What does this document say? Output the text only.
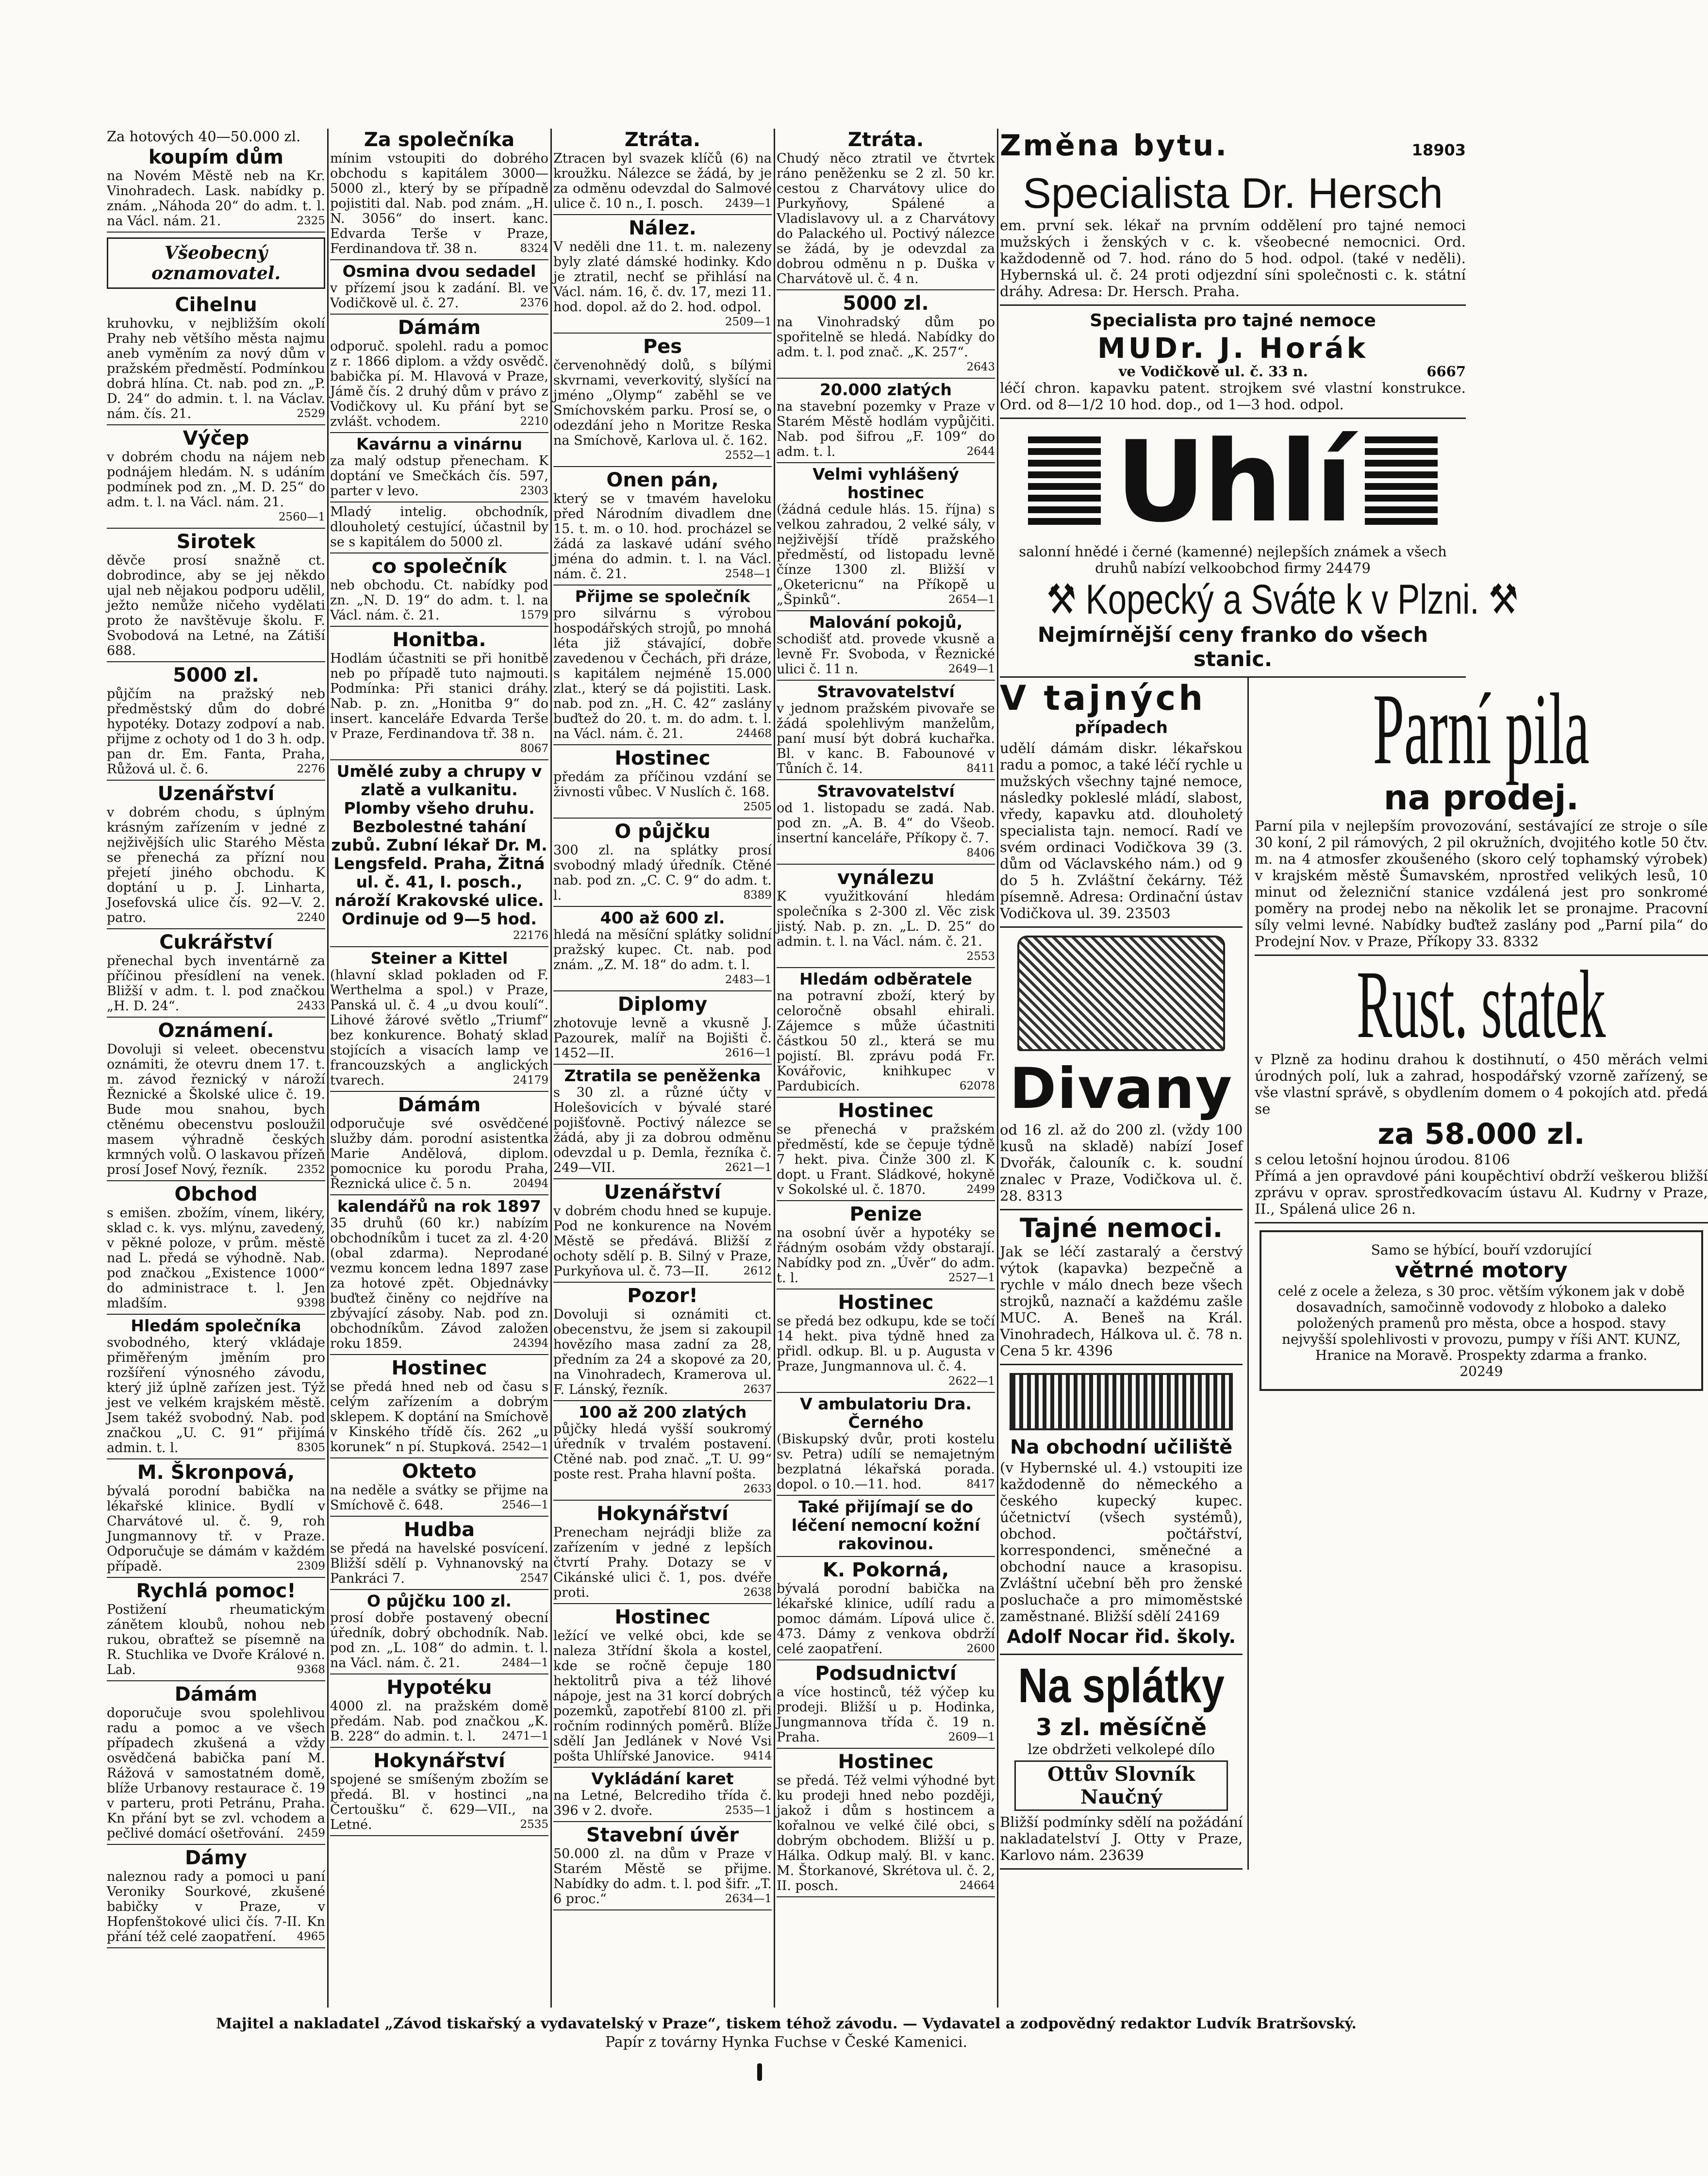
Za hotových 40—50.000 zl.
koupím dům
na Novém Městě neb na Kr. Vinohradech. Lask. nabídky p. znám. „Náhoda 20“ do adm. t. l. na Václ. nám. 21.	2325
Všeobecný oznamovatel.
Cihelnu
kruhovku, v nejbližším okolí Prahy neb většího města najmu aneb vyměním za nový dům v pražském předměstí. Podmínkou dobrá hlína. Ct. nab. pod zn. „P. D. 24“ do admin. t. l. na Václav. nám. čís. 21.	2529
Výčep
v dobrém chodu na nájem neb podnájem hledám. N. s udáním podmínek pod zn. „M. D. 25“ do adm. t. l. na Václ. nám. 21.
2560—1
Sirotek
děvče prosí snažně ct. dobrodince, aby se jej někdo ujal neb nějakou podporu udělil, ježto nemůže ničeho vydělati proto že navštěvuje školu. F. Svobodová na Letné, na Zátiší 688.
5000 zl.
půjčím na pražský neb předměstský dům do dobré hypotéky. Dotazy zodpoví a nab. přijme z ochoty od 1 do 3 h. odp. pan dr. Em. Fanta, Praha, Růžová ul. č. 6.	2276
Uzenářství
v dobrém chodu, s úplným krásným zařízením v jedné z nejživějších ulic Starého Města se přenechá za přízní nou přejetí jiného obchodu. K doptání u p. J. Linharta, Josefovská ulice čís. 92—V. 2. patro.	2240
Cukrářství
přenechal bych inventárně za příčinou přesídlení na venek. Bližší v adm. t. l. pod značkou „H. D. 24“.	2433
Oznámení.
Dovoluji si veleet. obecenstvu oznámiti, že otevru dnem 17. t. m. závod řeznický v nároží Řeznické a Školské ulice č. 19. Bude mou snahou, bych ctěnému obecenstvu posloužil masem výhradně českých krmných volů. O laskavou přízeň prosí Josef Nový, řezník.	2352
Obchod
s emišen. zbožím, vínem, likéry, sklad c. k. vys. mlýnu, zavedený, v pěkné poloze, v prům. městě nad L. předá se výhodně. Nab. pod značkou „Existence 1000“ do administrace t. l. Jen mladším.	9398
Hledám společníka
svobodného, který vkládaje přiměřeným jměním pro rozšíření výnosného závodu, který již úplně zařízen jest. Týž jest ve velkém krajském městě. Jsem takéž svobodný. Nab. pod značkou „U. C. 91“ přijímá admin. t. l.	8305
M. Škronpová,
bývalá porodní babička na lékařské klinice. Bydlí v Charvátové ul. č. 9, roh Jungmannovy tř. v Praze. Odporučuje se dámám v každém případě.	2309
Rychlá pomoc!
Postižení rheumatickým zánětem kloubů, nohou neb rukou, obraťtež se písemně na R. Stuchlika ve Dvoře Králové n. Lab.	9368
Dámám
doporučuje svou spolehlivou radu a pomoc a ve všech případech zkušená a vždy osvědčená babička paní M. Rážová v samostatném domě, blíže Urbanovy restaurace č. 19 v parteru, proti Petránu, Praha. Kn přání byt se zvl. vchodem a pečlivé domácí ošetřování. 2459
Dámy
naleznou rady a pomoci u paní Veroniky Sourkové, zkušené babičky v Praze, v Hopfenštokové ulici čís. 7-II. Kn přání též celé zaopatření. 4965
Za společníka
mínim vstoupiti do dobrého obchodu s kapitálem 3000—5000 zl., který by se případně pojistiti dal. Nab. pod znám. „H. N. 3056“ do insert. kanc. Edvarda Terše v Praze, Ferdinandova tř. 38 n.	8324
Osmina dvou sedadel
v přízemí jsou k zadání. Bl. ve Vodičkově ul. č. 27.	2376
Dámám
odporuč. spolehl. radu a pomoc z r. 1866 diplom. a vždy osvědč. babička pí. M. Hlavová v Praze, Jámě čís. 2 druhý dům v právo z Vodičkovy ul. Ku přání byt se zvlášt. vchodem.	2210
Kavárnu a vinárnu
za malý odstup přenecham. K doptání ve Smečkách čís. 597, parter v levo.	2303
Mladý intelig. obchodník, dlouholetý cestující, účastnil by se s kapitálem do 5000 zl.
co společník
neb obchodu. Ct. nabídky pod zn. „N. D. 19“ do adm. t. l. na Václ. nám. č. 21.	1579
Honitba.
Hodlám účastniti se při honitbě neb po případě tuto najmouti. Podmínka: Při stanici dráhy. Nab. p. zn. „Honitba 9“ do insert. kanceláře Edvarda Terše v Praze, Ferdinandova tř. 38 n.
8067
Umělé zuby a chrupy v zlatě a vulkanitu. Plomby všeho druhu. Bezbolestné tahání zubů. Zubní lékař Dr. M. Lengsfeld. Praha, Žitná ul. č. 41, I. posch., nároží Krakovské ulice. Ordinuje od 9—5 hod.
22176
Steiner a Kittel
(hlavní sklad pokladen od F. Werthelma a spol.) v Praze, Panská ul. č. 4 „u dvou koulí“. Lihové žárové světlo „Triumf“ bez konkurence. Bohatý sklad stojících a visacích lamp ve francouzských a anglických tvarech.	24179
Dámám
odporučuje své osvědčené služby dám. porodní asistentka Marie Andělová, diplom. pomocnice ku porodu Praha, Řeznická ulice č. 5 n.	20494
kalendářů na rok 1897
35 druhů (60 kr.) nabízím obchodníkům i tucet za zl. 4·20 (obal zdarma). Neprodané vezmu koncem ledna 1897 zase za hotové zpět. Objednávky buďtež činěny co nejdříve na zbývající zásoby. Nab. pod zn. obchodníkům. Závod založen roku 1859.	24394
Hostinec
se předá hned neb od času s celým zařízením a dobrým sklepem. K doptání na Smíchově v Kinského třídě čís. 262 „u korunek“ n pí. Stupková. 2542—1
Okteto
na neděle a svátky se přijme na Smíchově č. 648.	2546—1
Hudba
se předá na havelské posvícení. Bližší sdělí p. Vyhnanovský na Pankráci 7.	2547
O půjčku 100 zl.
prosí dobře postavený obecní úředník, dobrý obchodník. Nab. pod zn. „L. 108“ do admin. t. l. na Václ. nám. č. 21.	2484—1
Hypotéku
4000 zl. na pražském domě předám. Nab. pod značkou „K. B. 228“ do admin. t. l. 2471—1
Hokynářství
spojené se smíšeným zbožím se předá. Bl. v hostinci „na Čertoušku“ č. 629—VII., na Letné.	2535
Ztráta.
Ztracen byl svazek klíčů (6) na kroužku. Nálezce se žádá, by je za odměnu odevzdal do Salmové ulice č. 10 n., I. posch. 2439—1
Nález.
V neděli dne 11. t. m. nalezeny byly zlaté dámské hodinky. Kdo je ztratil, nechť se přihlásí na Václ. nám. 16, č. dv. 17, mezi 11. hod. dopol. až do 2. hod. odpol.
2509—1
Pes
červenohnědý dolů, s bílými skvrnami, veverkovitý, slyšící na jméno „Olymp“ zaběhl se ve Smíchovském parku. Prosí se, o odezdání jeho n Moritze Reska na Smíchově, Karlova ul. č. 162.
2552—1
Onen pán,
který se v tmavém haveloku před Národním divadlem dne 15. t. m. o 10. hod. procházel se žádá za laskavé udání svého jména do admin. t. l. na Václ. nám. č. 21.	2548—1
Přijme se společník
pro silvárnu s výrobou hospodářských strojů, po mnohá léta již stávající, dobře zavedenou v Čechách, při dráze, s kapitálem nejméně 15.000 zlat., který se dá pojistiti. Lask. nab. pod zn. „H. C. 42“ zaslány buďtež do 20. t. m. do adm. t. l. na Václ. nám. č. 21.	24468
Hostinec
předám za příčinou vzdání se živnosti vůbec. V Nuslích č. 168.
2505
O půjčku
300 zl. na splátky prosí svobodný mladý úředník. Ctěné nab. pod zn. „C. C. 9“ do adm. t. l.	8389
400 až 600 zl.
hledá na měsíční splátky solidní pražský kupec. Ct. nab. pod znám. „Z. M. 18“ do adm. t. l.
2483—1
Diplomy
zhotovuje levně a vkusně J. Pazourek, malíř na Bojišti č. 1452—II.	2616—1
Ztratila se peněženka
s 30 zl. a různé účty v Holešovicích v bývalé staré pojišťovně. Poctivý nálezce se žádá, aby ji za dobrou odměnu odevzdal u p. Demla, řezníka č. 249—VII.	2621—1
Uzenářství
v dobrém chodu hned se kupuje. Pod ne konkurence na Novém Městě se předává. Bližší z ochoty sdělí p. B. Silný v Praze, Purkyňova ul. č. 73—II.	2612
Pozor!
Dovoluji si oznámiti ct. obecenstvu, že jsem si zakoupil hovězího masa zadní za 28, předním za 24 a skopové za 20, na Vinohradech, Kramerova ul. F. Lánský, řezník.	2637
100 až 200 zlatých
půjčky hledá vyšší soukromý úředník v trvalém postavení. Ctěné nab. pod znač. „T. U. 99“ poste rest. Praha hlavní pošta.
2633
Hokynářství
Prenecham nejrádji bliže za zařízením v jedné z lepších čtvrtí Prahy. Dotazy se v Cikánské ulici č. 1, pos. dvéře proti.	2638
Hostinec
ležící ve velké obci, kde se naleza 3třídní škola a kostel, kde se ročně čepuje 180 hektolitrů piva a též lihové nápoje, jest na 31 korcí dobrých pozemků, zapotřebí 8100 zl. při ročním rodinných poměrů. Blíže sdělí Jan Jedlánek v Nové Vsi pošta Uhlířské Janovice.	9414
Vykládání karet
na Letné, Belcrediho třída č. 396 v 2. dvoře.	2535—1
Stavební úvěr
50.000 zl. na dům v Praze v Starém Městě se přijme. Nabídky do adm. t. l. pod šifr. „T. 6 proc.“	2634—1
Ztráta.
Chudý něco ztratil ve čtvrtek ráno peněženku se 2 zl. 50 kr. cestou z Charvátovy ulice do Purkyňovy, Spálené a Vladislavovy ul. a z Charvátovy do Palackého ul. Poctivý nálezce se žádá, by je odevzdal za dobrou odměnu n p. Duška v Charvátově ul. č. 4 n.
5000 zl.
na Vinohradský dům po spořitelně se hledá. Nabídky do adm. t. l. pod znač. „K. 257“.
2643
20.000 zlatých
na stavební pozemky v Praze v Starém Městě hodlám vypůjčiti. Nab. pod šifrou „F. 109“ do adm. t. l.	2644
Velmi vyhlášený hostinec
(žádná cedule hlás. 15. října) s velkou zahradou, 2 velké sály, v nejživější třídě pražského předměstí, od listopadu levně čínze 1300 zl. Bližší v „Oketericnu“ na Příkopě u „Špinků“.	2654—1
Malování pokojů,
schodišť atd. provede vkusně a levně Fr. Svoboda, v Řeznické ulici č. 11 n.	2649—1
Stravovatelství
v jednom pražském pivovaře se žádá spolehlivým manželům, paní musí být dobrá kuchařka. Bl. v kanc. B. Fabounové v Tůních č. 14.	8411
Stravovatelství
od 1. listopadu se zadá. Nab. pod zn. „A. B. 4“ do Všeob. insertní kanceláře, Příkopy č. 7.
8406
vynálezu
K využitkování hledám společníka s 2-300 zl. Věc zisk jistý. Nab. p. zn. „L. D. 25“ do admin. t. l. na Václ. nám. č. 21.
2553
Hledám odběratele
na potravní zboží, který by celoročně obsahl ehirali. Zájemce s může účastniti částkou 50 zl., která se mu pojistí. Bl. zprávu podá Fr. Kovářovic, knihkupec v Pardubicích.	62078
Hostinec
se přenechá v pražském předměstí, kde se čepuje týdně 7 hekt. piva. Činže 300 zl. K dopt. u Frant. Sládkové, hokyně v Sokolské ul. č. 1870.	2499
Penize
na osobní úvěr a hypotéky se řádným osobám vždy obstarají. Nabídky pod zn. „Úvěr“ do adm. t. l.	2527—1
Hostinec
se předá bez odkupu, kde se točí 14 hekt. piva týdně hned za přidl. odkup. Bl. u p. Augusta v Praze, Jungmannova ul. č. 4.
2622—1
V ambulatoriu Dra. Černého
(Biskupský dvůr, proti kostelu sv. Petra) udílí se nemajetným bezplatná lékařská porada. dopol. o 10.—11. hod.	8417
Také přijímají se do léčení nemocní kožní rakovinou.
K. Pokorná,
bývalá porodní babička na lékařské klinice, udílí radu a pomoc dámám. Lípová ulice č. 473. Dámy z venkova obdrží celé zaopatření.	2600
Podsudnictví
a více hostinců, též výčep ku prodeji. Bližší u p. Hodinka, Jungmannova třída č. 19 n. Praha.	2609—1
Hostinec
se předá. Též velmi výhodné byt ku prodeji hned nebo později, jakož i dům s hostincem a kořalnou ve velké čilé obci, s dobrým obchodem. Bližší u p. Hálka. Odkup malý. Bl. v kanc. M. Štorkanové, Skrétova ul. č. 2, II. posch.	24664
Změna bytu.	18903
Specialista Dr. Hersch
em. první sek. lékař na prvním oddělení pro tajné nemoci mužských i ženských v c. k. všeobecné nemocnici. Ord. každodenně od 7. hod. ráno do 5 hod. odpol. (také v neděli). Hybernská ul. č. 24 proti odjezdní síni společnosti c. k. státní dráhy. Adresa: Dr. Hersch. Praha.
Specialista pro tajné nemoce
MUDr. J. Horák
ve Vodičkově ul. č. 33 n.	6667
léčí chron. kapavku patent. strojkem své vlastní konstrukce. Ord. od 8—1/2 10 hod. dop., od 1—3 hod. odpol.
Uhlí
salonní hnědé i černé (kamenné) nejlepších známek a všech druhů nabízí velkoobchod firmy 24479
⚒ Kopecký a Sváte k v Plzni. ⚒
Nejmírnější ceny franko do všech stanic.
V tajných
případech
udělí dámám diskr. lékařskou radu a pomoc, a také léčí rychle u mužských všechny tajné nemoce, následky pokleslé mládí, slabost, vředy, kapavku atd. dlouholetý specialista tajn. nemocí. Radí ve svém ordinaci Vodičkova 39 (3. dům od Václavského nám.) od 9 do 5 h. Zvláštní čekárny. Též písemně. Adresa: Ordinační ústav Vodičkova ul. 39. 23503
Divany
od 16 zl. až do 200 zl. (vždy 100 kusů na skladě) nabízí Josef Dvořák, čalouník c. k. soudní znalec v Praze, Vodičkova ul. č. 28. 8313
Tajné nemoci.
Jak se léčí zastaralý a čerstvý výtok (kapavka) bezpečně a rychle v málo dnech beze všech strojků, naznačí a každému zašle MUC. A. Beneš na Král. Vinohradech, Hálkova ul. č. 78 n. Cena 5 kr. 4396
Na obchodní učiliště
(v Hybernské ul. 4.) vstoupiti ize každodenně do německého a českého kupecký kupec. účetnictví (všech systémů), obchod. počtářství, korrespondenci, směnečné a obchodní nauce a krasopisu. Zvláštní učební běh pro ženské posluchače a pro mimoměstské zaměstnané. Bližší sdělí 24169
Adolf Nocar řid. školy.
Na splátky
3 zl. měsíčně
lze obdržeti velkolepé dílo
Ottův Slovník Naučný
Bližší podmínky sdělí na požádání nakladatelství J. Otty v Praze, Karlovo nám. 23639
Parní pila
na prodej.
Parní pila v nejlepším provozování, sestávající ze stroje o síle 30 koní, 2 pil rámových, 2 pil okružních, dvojitého kotle 50 čtv. m. na 4 atmosfer zkoušeného (skoro celý tophamský výrobek) v krajském městě Šumavském, nprostřed velikých lesů, 10 minut od železniční stanice vzdálená jest pro sonkromé poměry na prodej nebo na několik let se pronajme. Pracovní síly velmi levné. Nabídky buďtež zaslány pod „Parní pila“ do Prodejní Nov. v Praze, Příkopy 33. 8332
Rust. statek
v Plzně za hodinu drahou k dostihnutí, o 450 měrách velmi úrodných polí, luk a zahrad, hospodářský vzorně zařízený, se vše vlastní správě, s obydlením domem o 4 pokojích atd. předá se
za 58.000 zl.
s celou letošní hojnou úrodou. 8106
Přímá a jen opravdové páni koupěchtiví obdrží veškerou bližší zprávu v oprav. sprostředkovacím ústavu Al. Kudrny v Praze, II., Spálená ulice 26 n.
Samo se hýbící, bouří vzdorující
větrné motory
celé z ocele a železa, s 30 proc. větším výkonem jak v době dosavadních, samočinně vodovody z hloboko a daleko položených pramenů pro města, obce a hospod. stavy nejvyšší spolehlivosti v provozu, pumpy v říši ANT. KUNZ, Hranice na Moravě. Prospekty zdarma a franko.
20249
Majitel a nakladatel „Závod tiskařský a vydavatelský v Praze“, tiskem téhož závodu. — Vydavatel a zodpovědný redaktor Ludvík Bratršovský.
Papír z továrny Hynka Fuchse v České Kamenici.
